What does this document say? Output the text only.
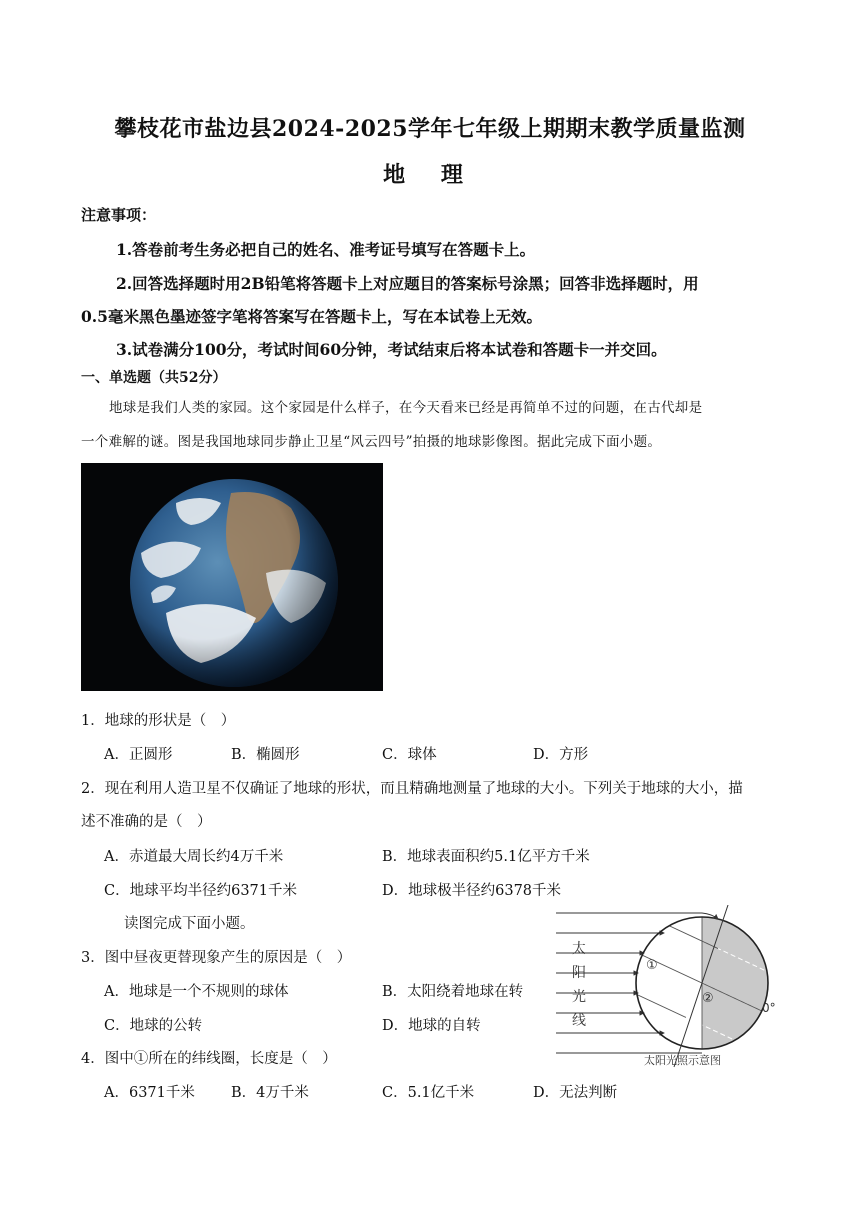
攀枝花市盐边县2024-2025学年七年级上期期末教学质量监测
地 理
注意事项：
1.答卷前考生务必把自己的姓名、准考证号填写在答题卡上。
2.回答选择题时用2B铅笔将答题卡上对应题目的答案标号涂黑；回答非选择题时，用
0.5毫米黑色墨迹签字笔将答案写在答题卡上，写在本试卷上无效。
3.试卷满分100分，考试时间60分钟，考试结束后将本试卷和答题卡一并交回。
一、单选题（共52分）
地球是我们人类的家园。这个家园是什么样子，在今天看来已经是再简单不过的问题，在古代却是
一个难解的谜。图是我国地球同步静止卫星“风云四号”拍摄的地球影像图。据此完成下面小题。
1．地球的形状是（　）
A．正圆形	B．椭圆形	C．球体	D．方形
2．现在利用人造卫星不仅确证了地球的形状，而且精确地测量了地球的大小。下列关于地球的大小，描
述不准确的是（　）
A．赤道最大周长约4万千米	B．地球表面积约5.1亿平方千米
C．地球平均半径约6371千米	D．地球极半径约6378千米
读图完成下面小题。
3．图中昼夜更替现象产生的原因是（　）
A．地球是一个不规则的球体	B．太阳绕着地球在转
C．地球的公转	D．地球的自转
4．图中①所在的纬线圈，长度是（　）
A．6371千米 B．4万千米	C．5.1亿千米	D．无法判断
太
阳
光
线
①
②
0°
太阳光照示意图
